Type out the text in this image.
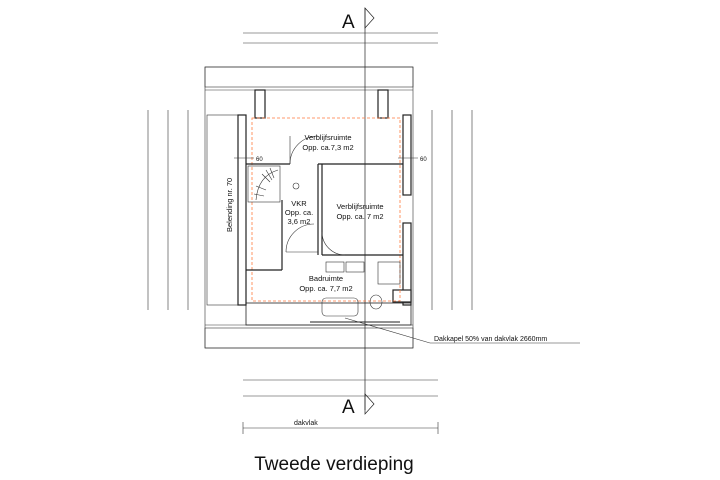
A
A
dakvlak
60	60
Verblijfsruimte
Opp. ca.7,3 m2
Verblijfsruimte
Opp. ca. 7 m2
VKR
Opp. ca.
3,6 m2
Badruimte
Opp. ca. 7,7 m2
Belending nr. 70
Dakkapel 50% van dakvlak 2660mm
Tweede verdieping
